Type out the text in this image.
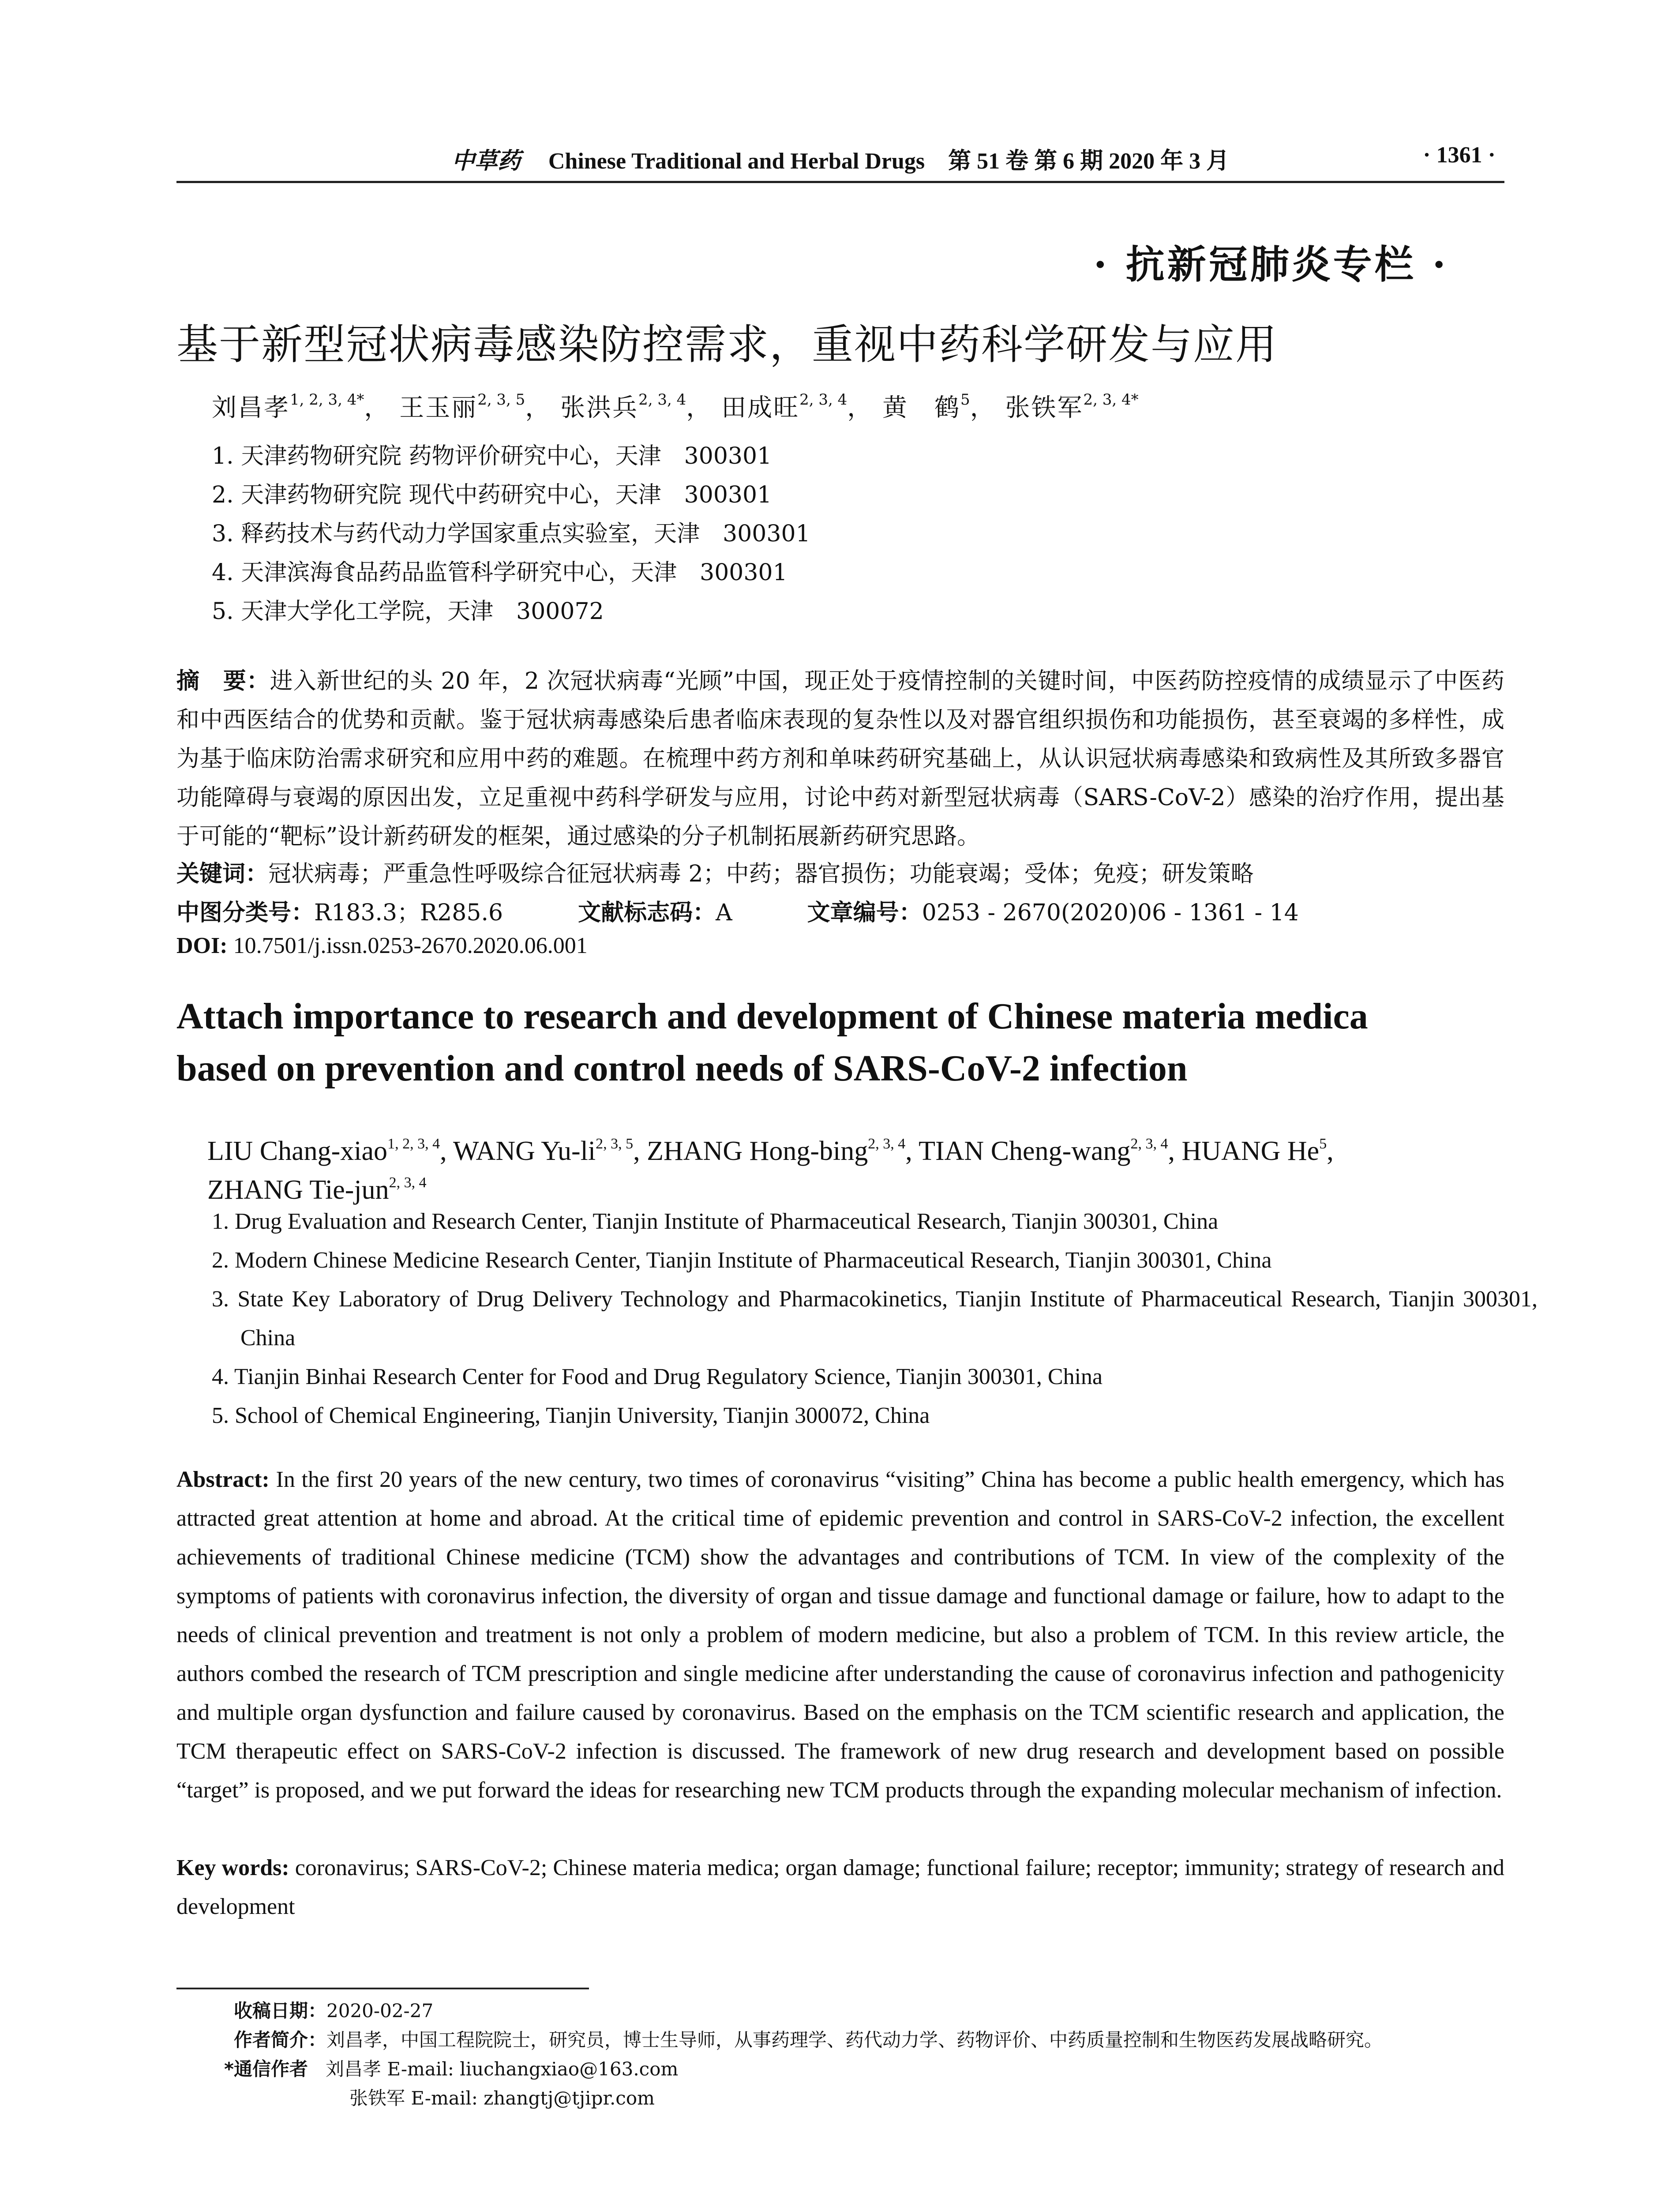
中草药 Chinese Traditional and Herbal Drugs 第 51 卷 第 6 期 2020 年 3 月	· 1361 ·
· 抗新冠肺炎专栏 ·
基于新型冠状病毒感染防控需求，重视中药科学研发与应用
刘昌孝$^{1, 2, 3, 4*}$， 王玉丽$^{2, 3, 5}$， 张洪兵$^{2, 3, 4}$， 田成旺$^{2, 3, 4}$， 黄　鹤$^5$， 张铁军$^{2, 3, 4*}$
1. 天津药物研究院 药物评价研究中心，天津　300301
2. 天津药物研究院 现代中药研究中心，天津　300301
3. 释药技术与药代动力学国家重点实验室，天津　300301
4. 天津滨海食品药品监管科学研究中心，天津　300301
5. 天津大学化工学院，天津　300072
摘　要：进入新世纪的头 20 年，2 次冠状病毒“光顾”中国，现正处于疫情控制的关键时间，中医药防控疫情的成绩显示了中医药和中西医结合的优势和贡献。鉴于冠状病毒感染后患者临床表现的复杂性以及对器官组织损伤和功能损伤，甚至衰竭的多样性，成为基于临床防治需求研究和应用中药的难题。在梳理中药方剂和单味药研究基础上，从认识冠状病毒感染和致病性及其所致多器官功能障碍与衰竭的原因出发，立足重视中药科学研发与应用，讨论中药对新型冠状病毒（SARS-CoV-2）感染的治疗作用，提出基于可能的“靶标”设计新药研发的框架，通过感染的分子机制拓展新药研究思路。
关键词：冠状病毒；严重急性呼吸综合征冠状病毒 2；中药；器官损伤；功能衰竭；受体；免疫；研发策略
中图分类号：R183.3；R285.6	文献标志码：A	文章编号：0253 - 2670(2020)06 - 1361 - 14
DOI: 10.7501/j.issn.0253-2670.2020.06.001
Attach importance to research and development of Chinese materia medica
based on prevention and control needs of SARS-CoV-2 infection
LIU Chang-xiao$^{1, 2, 3, 4}$, WANG Yu-li$^{2, 3, 5}$, ZHANG Hong-bing$^{2, 3, 4}$, TIAN Cheng-wang$^{2, 3, 4}$, HUANG He$^5$,
ZHANG Tie-jun$^{2, 3, 4}$
1. Drug Evaluation and Research Center, Tianjin Institute of Pharmaceutical Research, Tianjin 300301, China
2. Modern Chinese Medicine Research Center, Tianjin Institute of Pharmaceutical Research, Tianjin 300301, China
3. State Key Laboratory of Drug Delivery Technology and Pharmacokinetics, Tianjin Institute of Pharmaceutical Research, Tianjin 300301, China
4. Tianjin Binhai Research Center for Food and Drug Regulatory Science, Tianjin 300301, China
5. School of Chemical Engineering, Tianjin University, Tianjin 300072, China
Abstract: In the first 20 years of the new century, two times of coronavirus “visiting” China has become a public health emergency, which has attracted great attention at home and abroad. At the critical time of epidemic prevention and control in SARS-CoV-2 infection, the excellent achievements of traditional Chinese medicine (TCM) show the advantages and contributions of TCM. In view of the complexity of the symptoms of patients with coronavirus infection, the diversity of organ and tissue damage and functional damage or failure, how to adapt to the needs of clinical prevention and treatment is not only a problem of modern medicine, but also a problem of TCM. In this review article, the authors combed the research of TCM prescription and single medicine after understanding the cause of coronavirus infection and pathogenicity and multiple organ dysfunction and failure caused by coronavirus. Based on the emphasis on the TCM scientific research and application, the TCM therapeutic effect on SARS-CoV-2 infection is discussed. The framework of new drug research and development based on possible “target” is proposed, and we put forward the ideas for researching new TCM products through the expanding molecular mechanism of infection.
Key words: coronavirus; SARS-CoV-2; Chinese materia medica; organ damage; functional failure; receptor; immunity; strategy of research and development
收稿日期：2020-02-27
作者简介：刘昌孝，中国工程院院士，研究员，博士生导师，从事药理学、药代动力学、药物评价、中药质量控制和生物医药发展战略研究。
*通信作者 刘昌孝 E-mail: liuchangxiao@163.com
张铁军 E-mail: zhangtj@tjipr.com
